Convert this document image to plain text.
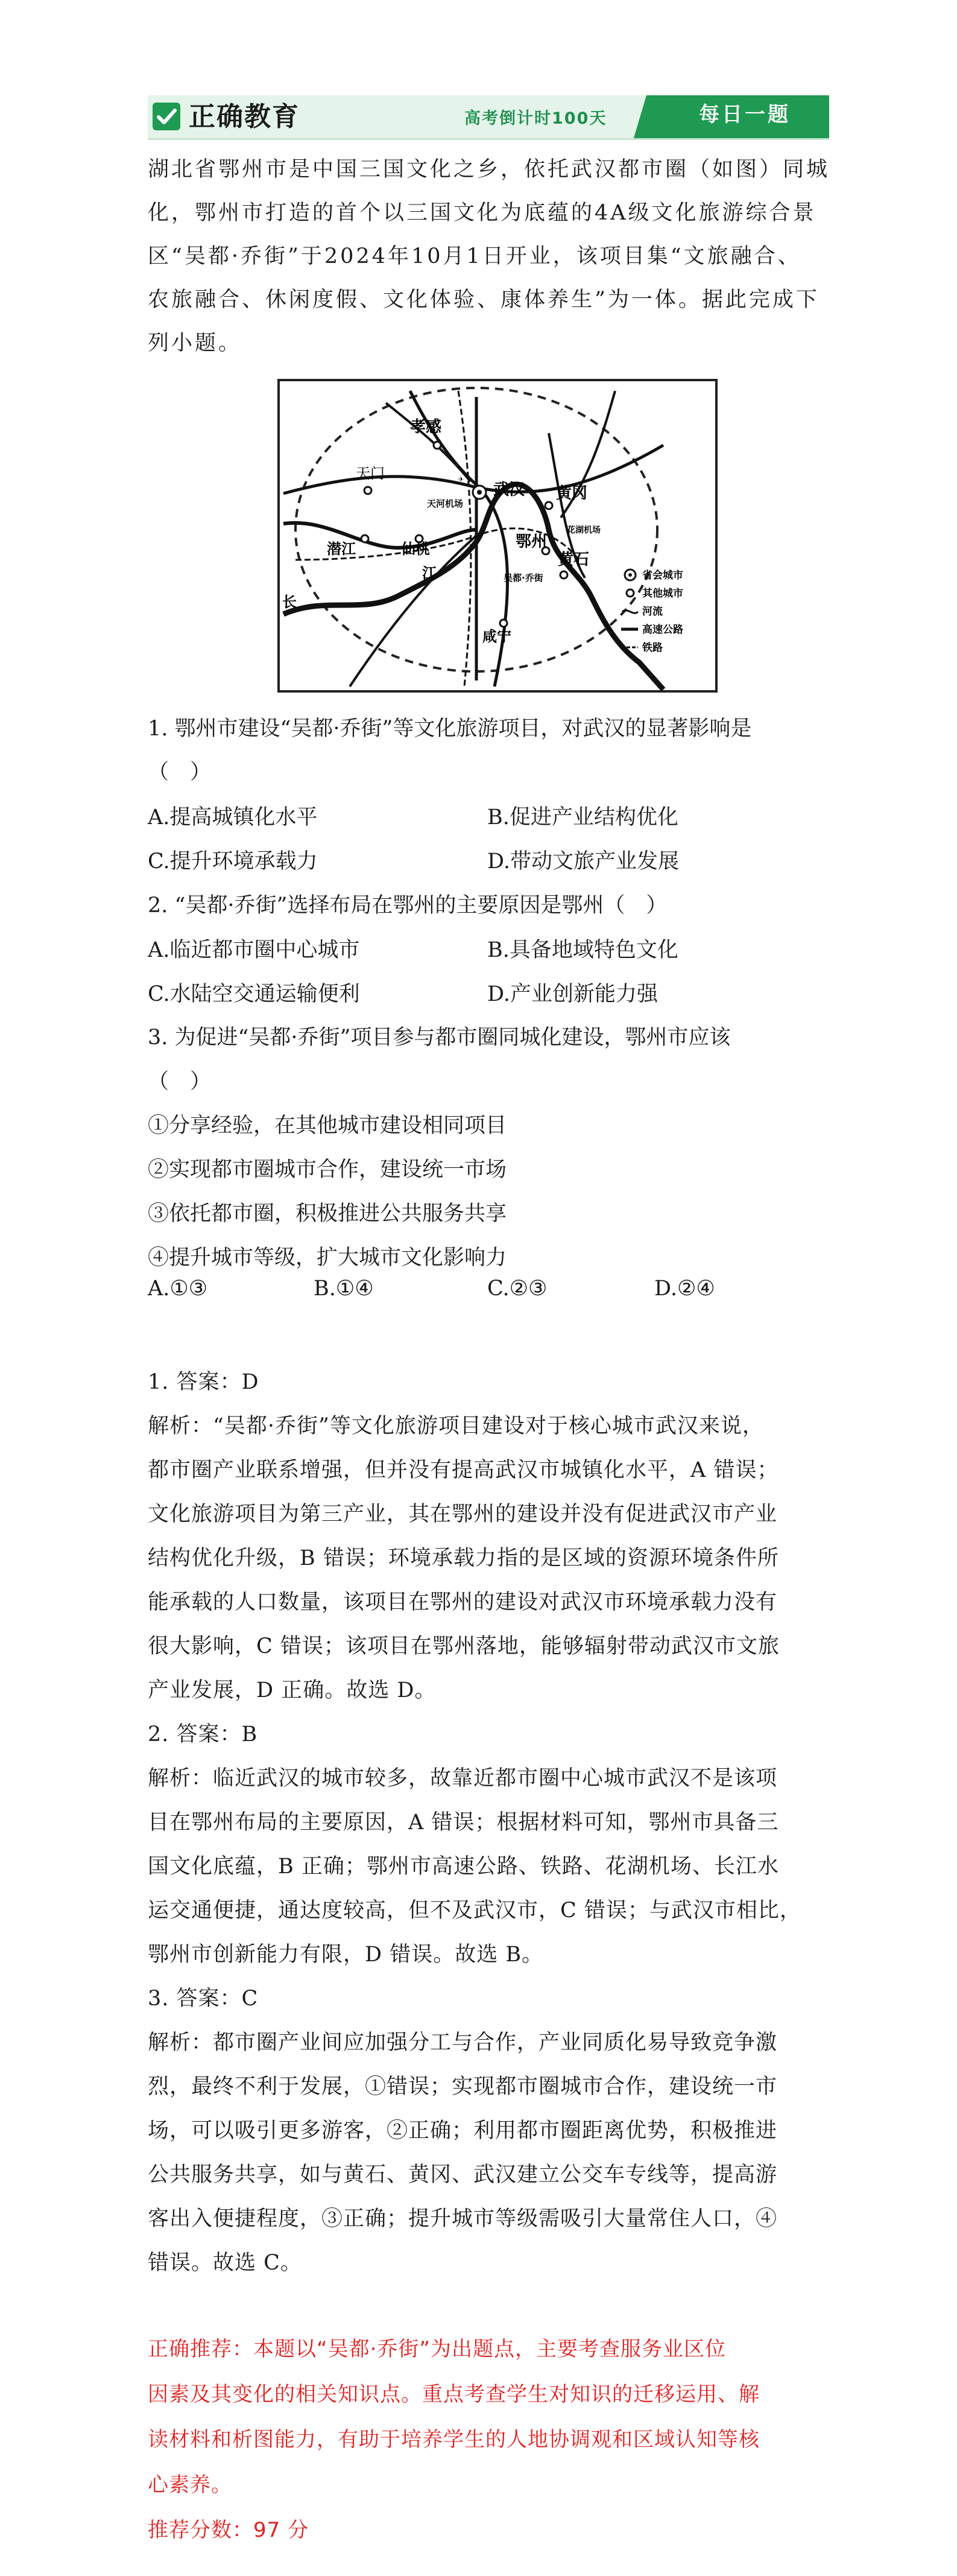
正确教育	高考倒计时100天	每日一题
湖北省鄂州市是中国三国文化之乡，依托武汉都市圈（如图）同城
化，鄂州市打造的首个以三国文化为底蕴的4A级文化旅游综合景
区“吴都·乔街”于2024年10月1日开业，该项目集“文旅融合、
农旅融合、休闲度假、文化体验、康体养生”为一体。据此完成下
列小题。
✈
孝感
天门
武汉
天河机场
黄冈
潜江	仙桃	鄂州
花湖机场
黄石
吴都·乔街
咸宁
江
长
省会城市
其他城市
河流
高速公路
铁路

1. 鄂州市建设“吴都·乔街”等文化旅游项目，对武汉的显著影响是

（　）

A.提高城镇化水平	B.促进产业结构优化

C.提升环境承载力	D.带动文旅产业发展

2. “吴都·乔街”选择布局在鄂州的主要原因是鄂州（　）

A.临近都市圈中心城市	B.具备地域特色文化

C.水陆空交通运输便利	D.产业创新能力强

3. 为促进“吴都·乔街”项目参与都市圈同城化建设，鄂州市应该

（　）

①分享经验，在其他城市建设相同项目

②实现都市圈城市合作，建设统一市场

③依托都市圈，积极推进公共服务共享

④提升城市等级，扩大城市文化影响力

A.①③	B.①④	C.②③	D.②④

1. 答案：D

解析：“吴都·乔街”等文化旅游项目建设对于核心城市武汉来说，

都市圈产业联系增强，但并没有提高武汉市城镇化水平，A 错误；

文化旅游项目为第三产业，其在鄂州的建设并没有促进武汉市产业

结构优化升级，B 错误；环境承载力指的是区域的资源环境条件所

能承载的人口数量，该项目在鄂州的建设对武汉市环境承载力没有

很大影响，C 错误；该项目在鄂州落地，能够辐射带动武汉市文旅

产业发展，D 正确。故选 D。

2. 答案：B

解析：临近武汉的城市较多，故靠近都市圈中心城市武汉不是该项

目在鄂州布局的主要原因，A 错误；根据材料可知，鄂州市具备三

国文化底蕴，B 正确；鄂州市高速公路、铁路、花湖机场、长江水

运交通便捷，通达度较高，但不及武汉市，C 错误；与武汉市相比，

鄂州市创新能力有限，D 错误。故选 B。

3. 答案：C

解析：都市圈产业间应加强分工与合作，产业同质化易导致竞争激

烈，最终不利于发展，①错误；实现都市圈城市合作，建设统一市

场，可以吸引更多游客，②正确；利用都市圈距离优势，积极推进

公共服务共享，如与黄石、黄冈、武汉建立公交车专线等，提高游

客出入便捷程度，③正确；提升城市等级需吸引大量常住人口，④

错误。故选 C。

正确推荐：本题以“吴都·乔街”为出题点，主要考查服务业区位

因素及其变化的相关知识点。重点考查学生对知识的迁移运用、解

读材料和析图能力，有助于培养学生的人地协调观和区域认知等核

心素养。

推荐分数：97 分
